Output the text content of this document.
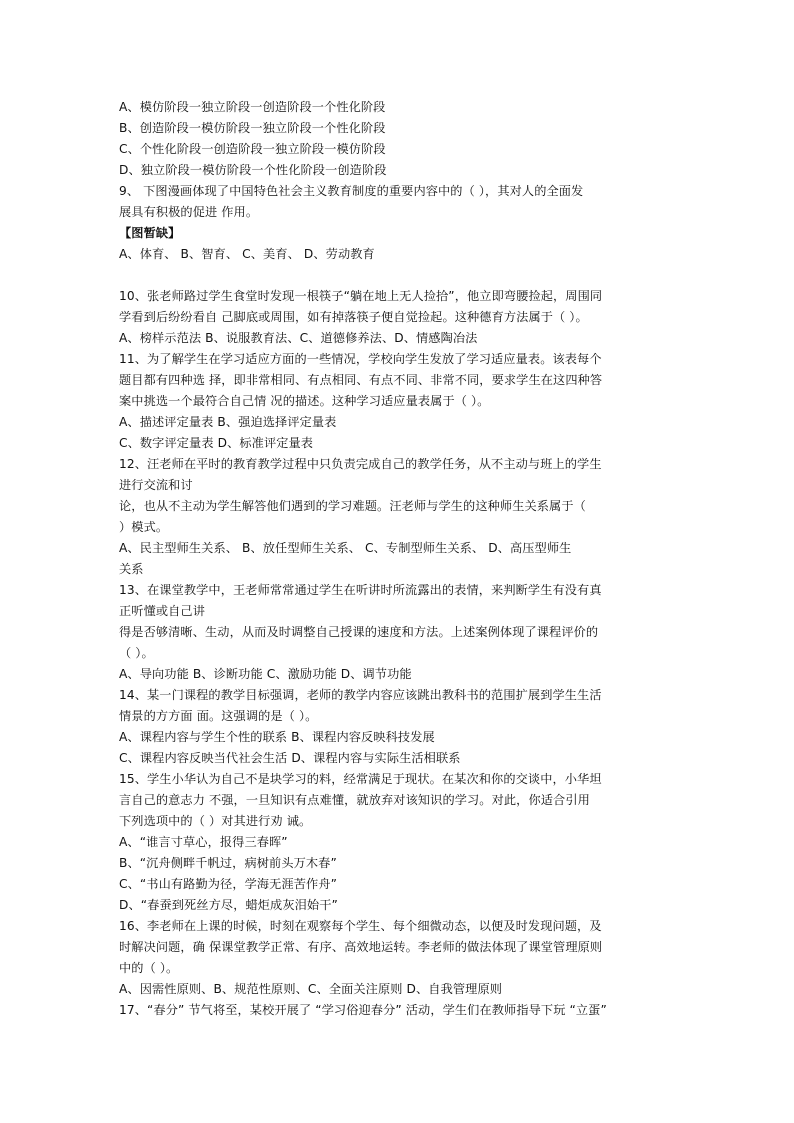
A、模仿阶段一独立阶段一创造阶段一个性化阶段
B、创造阶段一模仿阶段一独立阶段一个性化阶段
C、个性化阶段一创造阶段一独立阶段一模仿阶段
D、独立阶段一模仿阶段一个性化阶段一创造阶段
9、 下图漫画体现了中国特色社会主义教育制度的重要内容中的（ ），其对人的全面发
展具有积极的促进 作用。
【图暂缺】
A、体育、 B、智育、 C、美育、 D、劳动教育
10、张老师路过学生食堂时发现一根筷子“躺在地上无人捡拾”，他立即弯腰捡起，周围同
学看到后纷纷看自 己脚底或周围，如有掉落筷子便自觉捡起。这种德育方法属于（ ）。
A、榜样示范法 B、说服教育法、C、道德修养法、D、情感陶冶法
11、为了解学生在学习适应方面的一些情况，学校向学生发放了学习适应量表。该表每个
题目都有四种选 择，即非常相同、有点相同、有点不同、非常不同，要求学生在这四种答
案中挑选一个最符合自己情 况的描述。这种学习适应量表属于（ ）。
A、描述评定量表 B、强迫选择评定量表
C、数字评定量表 D、标准评定量表
12、汪老师在平时的教育教学过程中只负责完成自己的教学任务，从不主动与班上的学生
进行交流和讨
论，也从不主动为学生解答他们遇到的学习难题。汪老师与学生的这种师生关系属于（
）模式。
A、民主型师生关系、 B、放任型师生关系、 C、专制型师生关系、 D、高压型师生
关系
13、在课堂教学中，王老师常常通过学生在听讲时所流露出的表情，来判断学生有没有真
正听懂或自己讲
得是否够清晰、生动，从而及时调整自己授课的速度和方法。上述案例体现了课程评价的
（ ）。
A、导向功能 B、诊断功能 C、激励功能 D、调节功能
14、某一门课程的教学目标强调，老师的教学内容应该跳出教科书的范围扩展到学生生活
情景的方方面 面。这强调的是（ ）。
A、课程内容与学生个性的联系 B、课程内容反映科技发展
C、课程内容反映当代社会生活 D、课程内容与实际生活相联系
15、学生小华认为自己不是块学习的料，经常满足于现状。在某次和你的交谈中，小华坦
言自己的意志力 不强，一旦知识有点难懂，就放弃对该知识的学习。对此，你适合引用
下列选项中的（ ）对其进行劝 诫。
A、“谁言寸草心，报得三春晖”
B、“沉舟侧畔千帆过，病树前头万木春”
C、“书山有路勤为径，学海无涯苦作舟”
D、“春蚕到死丝方尽，蜡炬成灰泪始干”
16、李老师在上课的时候，时刻在观察每个学生、每个细微动态，以便及时发现问题，及
时解决问题，确 保课堂教学正常、有序、高效地运转。李老师的做法体现了课堂管理原则
中的（ ）。
A、因需性原则、B、规范性原则、C、全面关注原则 D、自我管理原则
17、“春分” 节气将至，某校开展了 “学习俗迎春分” 活动，学生们在教师指导下玩 “立蛋”
